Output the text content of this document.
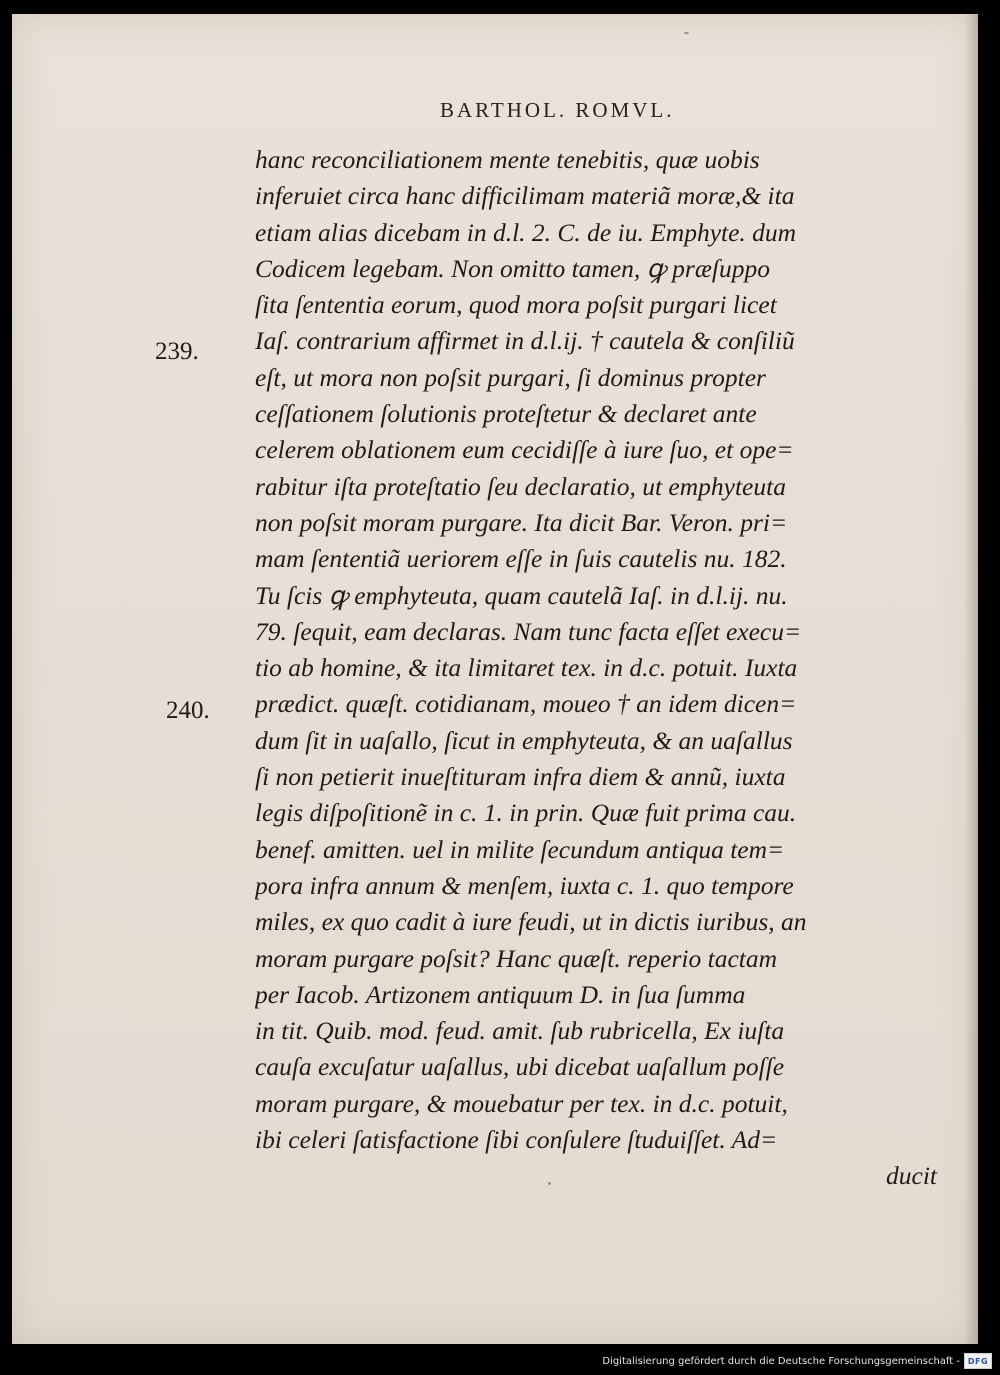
BARTHOL. ROMVL.
239.
240.
hanc reconciliationem mente tenebitis, quæ uobis
inferuiet circa hanc difficilimam materiã moræ,& ita
etiam alias dicebam in d.l. 2. C. de iu. Emphyte. dum
Codicem legebam. Non omitto tamen, ꝙ præſuppo
ſita ſententia eorum, quod mora poſsit purgari licet
Iaſ. contrarium affirmet in d.l.ij. † cautela & conſiliũ
eſt, ut mora non poſsit purgari, ſi dominus propter
ceſſationem ſolutionis proteſtetur & declaret ante
celerem oblationem eum cecidiſſe à iure ſuo, et ope=
rabitur iſta proteſtatio ſeu declaratio, ut emphyteuta
non poſsit moram purgare. Ita dicit Bar. Veron. pri=
mam ſententiã ueriorem eſſe in ſuis cautelis nu. 182.
Tu ſcis ꝙ emphyteuta, quam cautelã Iaſ. in d.l.ij. nu.
79. ſequit, eam declaras. Nam tunc facta eſſet execu=
tio ab homine, & ita limitaret tex. in d.c. potuit. Iuxta
prædict. quæſt. cotidianam, moueo † an idem dicen=
dum ſit in uaſallo, ſicut in emphyteuta, & an uaſallus
ſi non petierit inueſtituram infra diem & annũ, iuxta
legis diſpoſitionẽ in c. 1. in prin. Quæ fuit prima cau.
benef. amitten. uel in milite ſecundum antiqua tem=
pora infra annum & menſem, iuxta c. 1. quo tempore
miles, ex quo cadit à iure feudi, ut in dictis iuribus, an
moram purgare poſsit? Hanc quæſt. reperio tactam
per Iacob. Artizonem antiquum D. in ſua ſumma
in tit. Quib. mod. feud. amit. ſub rubricella, Ex iuſta
cauſa excuſatur uaſallus, ubi dicebat uaſallum poſſe
moram purgare, & mouebatur per tex. in d.c. potuit,
ibi celeri ſatisfactione ſibi conſulere ſtuduiſſet. Ad=
ducit
Digitalisierung gefördert durch die Deutsche Forschungsgemeinschaft - DFG
